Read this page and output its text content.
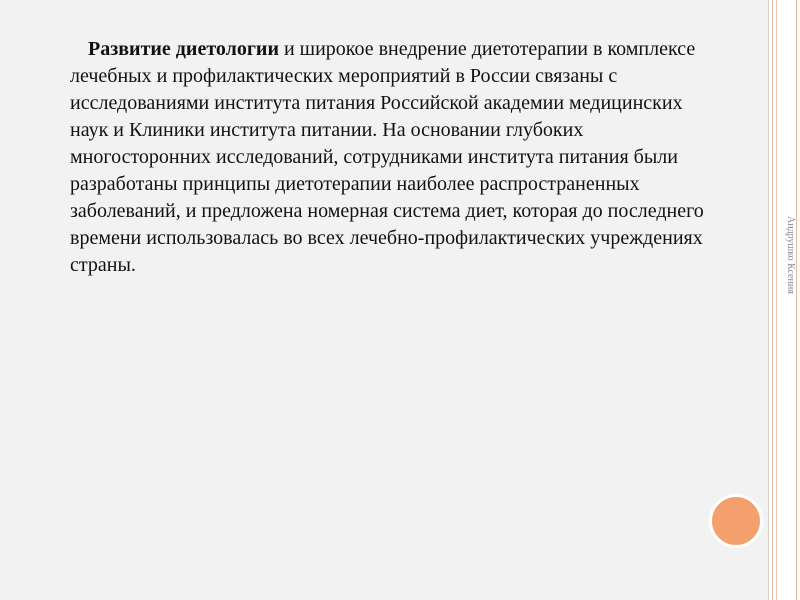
Развитие диетологии и широкое внедрение диетотерапии в комплексе лечебных и профилактических мероприятий в России связаны с исследованиями института питания Российской академии медицинских наук и Клиники института питании. На основании глубоких многосторонних исследований, сотрудниками института питания были разработаны принципы диетотерапии наиболее распространенных заболеваний, и предложена номерная система диет, которая до последнего времени использовалась во всех лечебно-профилактических учреждениях страны.	Андрушко Ксения
